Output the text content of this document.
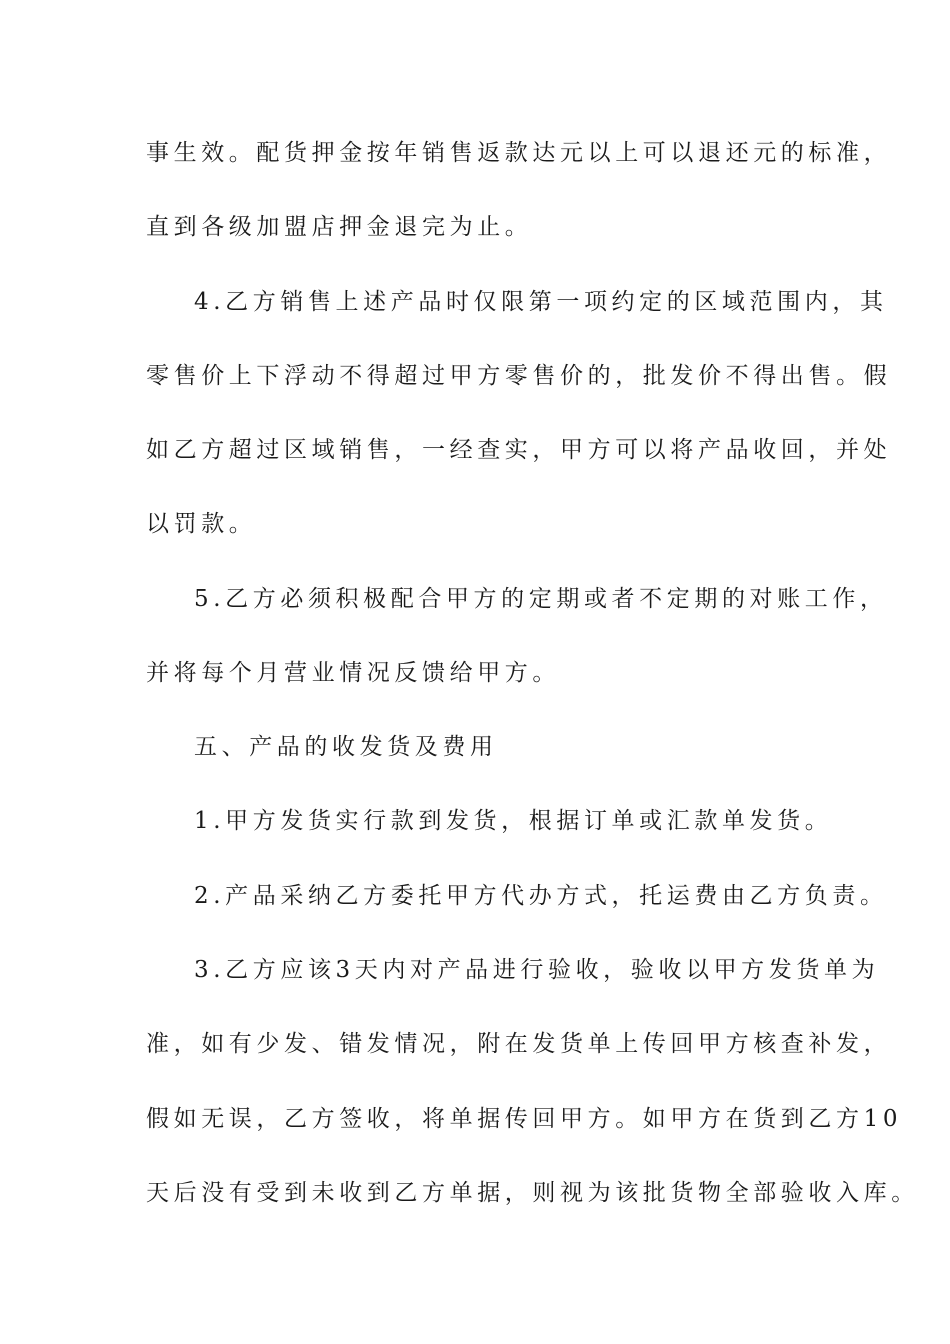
事生效。配货押金按年销售返款达元以上可以退还元的标准，
直到各级加盟店押金退完为止。
4.乙方销售上述产品时仅限第一项约定的区域范围内，其
零售价上下浮动不得超过甲方零售价的，批发价不得出售。假
如乙方超过区域销售，一经查实，甲方可以将产品收回，并处
以罚款。
5.乙方必须积极配合甲方的定期或者不定期的对账工作，
并将每个月营业情况反馈给甲方。
五、产品的收发货及费用
1.甲方发货实行款到发货，根据订单或汇款单发货。
2.产品采纳乙方委托甲方代办方式，托运费由乙方负责。
3.乙方应该3天内对产品进行验收，验收以甲方发货单为
准，如有少发、错发情况，附在发货单上传回甲方核查补发，
假如无误，乙方签收，将单据传回甲方。如甲方在货到乙方10
天后没有受到未收到乙方单据，则视为该批货物全部验收入库。
